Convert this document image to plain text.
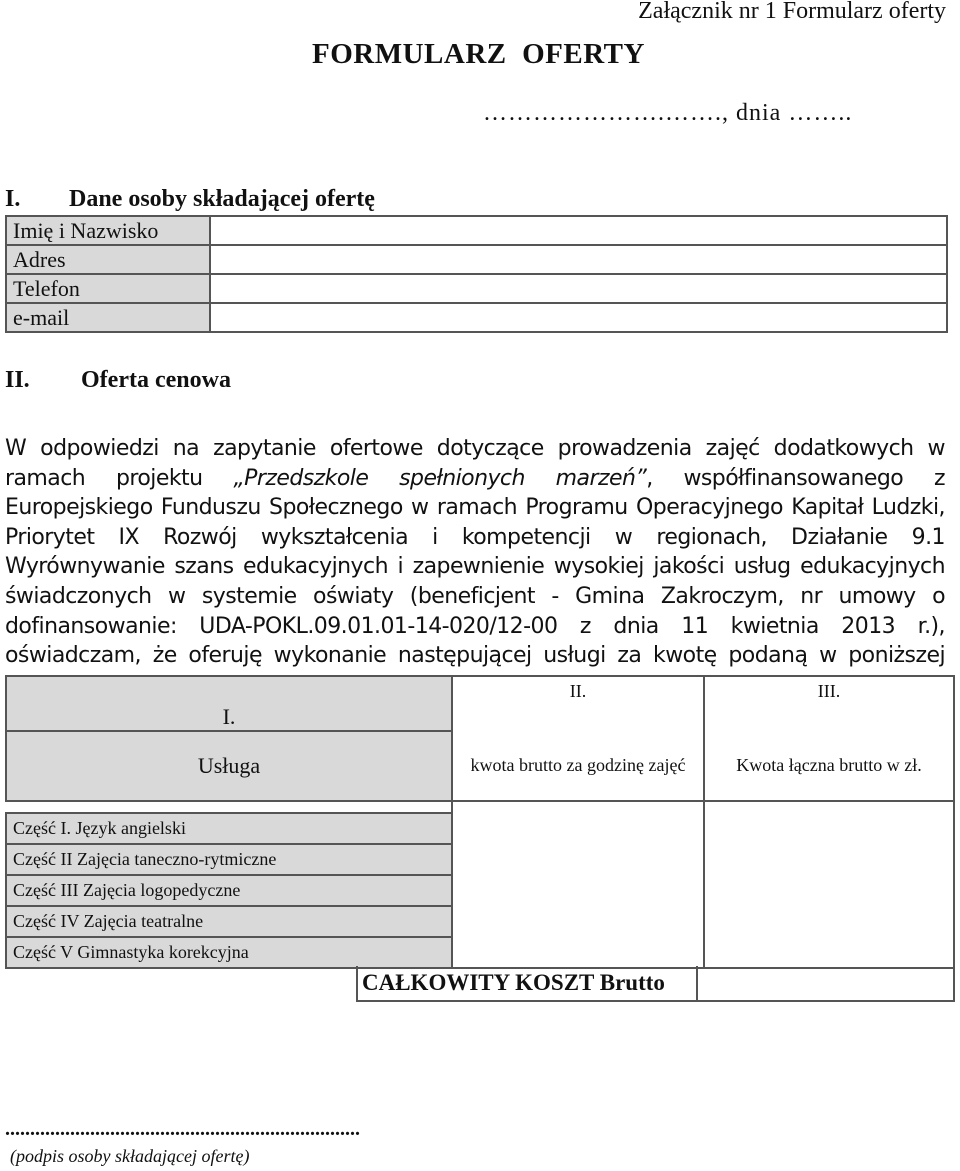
Załącznik nr 1 Formularz oferty
FORMULARZ  OFERTY
………………….……., dnia ……..
I. Dane osoby składającej ofertę
Imię i Nazwisko	
Adres	
Telefon	
e-mail	
II. Oferta cenowa
W odpowiedzi na zapytanie ofertowe dotyczące prowadzenia zajęć dodatkowych w ramach projektu „Przedszkole spełnionych marzeń”, współfinansowanego z Europejskiego Funduszu Społecznego w ramach Programu Operacyjnego Kapitał Ludzki, Priorytet IX Rozwój wykształcenia i kompetencji w regionach, Działanie 9.1 Wyrównywanie szans edukacyjnych i zapewnienie wysokiej jakości usług edukacyjnych świadczonych w systemie oświaty (beneficjent - Gmina Zakroczym, nr umowy o dofinansowanie: UDA-POKL.09.01.01-14-020/12-00 z dnia 11 kwietnia 2013 r.), oświadczam, że oferuję wykonanie następującej usługi za kwotę podaną w poniższej
I.	II.	III.
Usługa	kwota brutto za godzinę zajęć	Kwota łączna brutto w zł.

Część I. Język angielski		
Część II Zajęcia taneczno-rytmiczne		
Część III Zajęcia logopedyczne		
Część IV Zajęcia teatralne		
Część V Gimnastyka korekcyjna		
CAŁKOWITY KOSZT Brutto
.......................................................................
(podpis osoby składającej ofertę)
